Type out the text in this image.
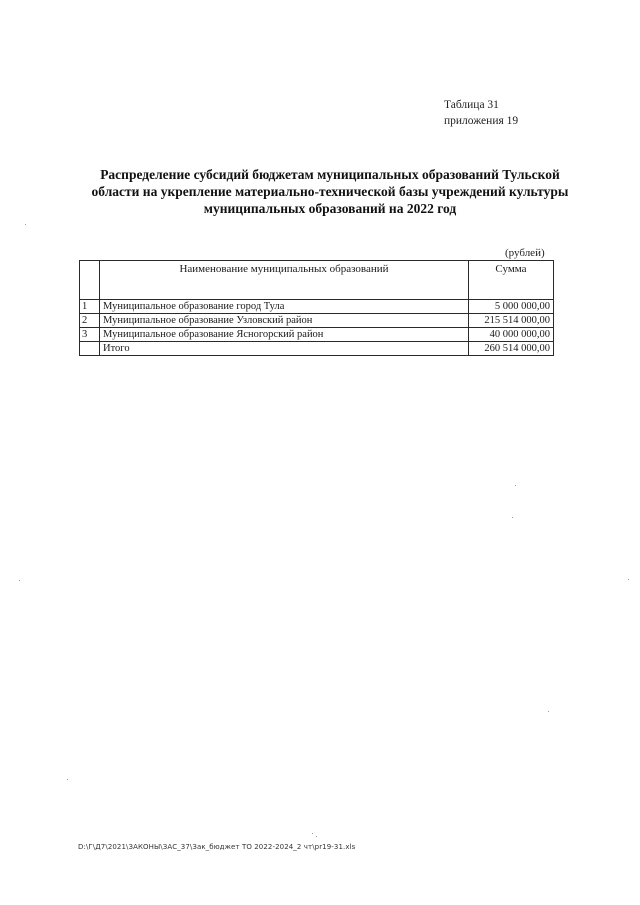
Таблица 31
приложения 19
Распределение субсидий бюджетам муниципальных образований Тульской
области на укрепление материально-технической базы учреждений культуры
муниципальных образований на 2022 год
(рублей)
	Наименование муниципальных образований	Сумма
1	Муниципальное образование город Тула	5 000 000,00
2	Муниципальное образование Узловский район	215 514 000,00
3	Муниципальное образование Ясногорский район	40 000 000,00
	Итого	260 514 000,00
D:\Г\Д7\2021\ЗАКОНЫ\ЗАС_37\Зак_бюджет ТО 2022-2024_2 чт\pr19-31.xls
